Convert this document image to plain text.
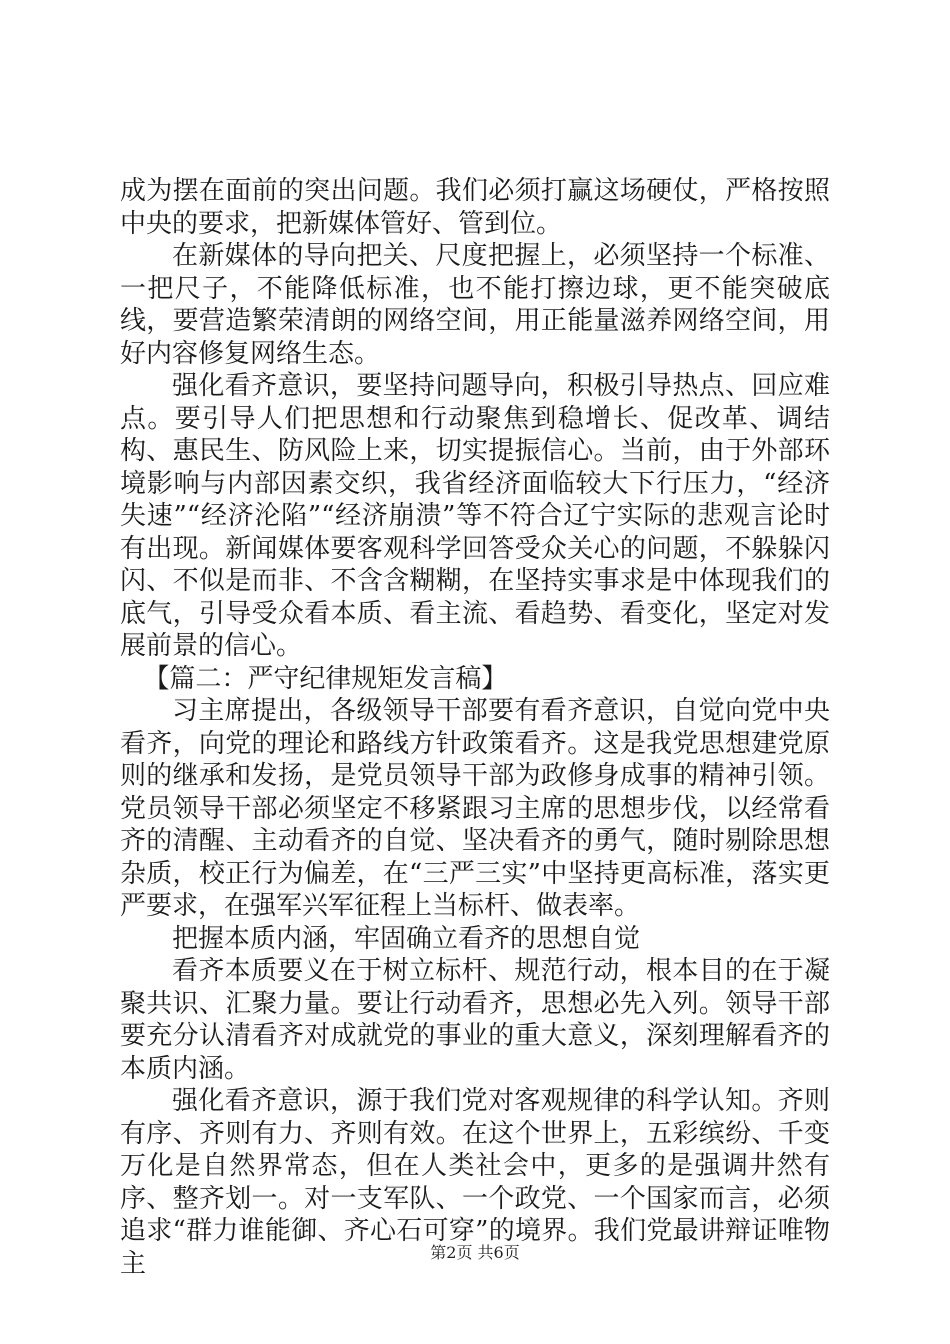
成为摆在面前的突出问题。我们必须打赢这场硬仗，严格按照中央的要求，把新媒体管好、管到位。

在新媒体的导向把关、尺度把握上，必须坚持一个标准、一把尺子，不能降低标准，也不能打擦边球，更不能突破底线，要营造繁荣清朗的网络空间，用正能量滋养网络空间，用好内容修复网络生态。

强化看齐意识，要坚持问题导向，积极引导热点、回应难点。要引导人们把思想和行动聚焦到稳增长、促改革、调结构、惠民生、防风险上来，切实提振信心。当前，由于外部环境影响与内部因素交织，我省经济面临较大下行压力，“经济失速”“经济沦陷”“经济崩溃”等不符合辽宁实际的悲观言论时有出现。新闻媒体要客观科学回答受众关心的问题，不躲躲闪闪、不似是而非、不含含糊糊，在坚持实事求是中体现我们的底气，引导受众看本质、看主流、看趋势、看变化，坚定对发展前景的信心。

【篇二：严守纪律规矩发言稿】

习主席提出，各级领导干部要有看齐意识，自觉向党中央看齐，向党的理论和路线方针政策看齐。这是我党思想建党原则的继承和发扬，是党员领导干部为政修身成事的精神引领。党员领导干部必须坚定不移紧跟习主席的思想步伐，以经常看齐的清醒、主动看齐的自觉、坚决看齐的勇气，随时剔除思想杂质，校正行为偏差，在“三严三实”中坚持更高标准，落实更严要求，在强军兴军征程上当标杆、做表率。

把握本质内涵，牢固确立看齐的思想自觉

看齐本质要义在于树立标杆、规范行动，根本目的在于凝聚共识、汇聚力量。要让行动看齐，思想必先入列。领导干部要充分认清看齐对成就党的事业的重大意义，深刻理解看齐的本质内涵。

强化看齐意识，源于我们党对客观规律的科学认知。齐则有序、齐则有力、齐则有效。在这个世界上，五彩缤纷、千变万化是自然界常态，但在人类社会中，更多的是强调井然有序、整齐划一。对一支军队、一个政党、一个国家而言，必须追求“群力谁能御、齐心石可穿”的境界。我们党最讲辩证唯物主	第2页 共6页
